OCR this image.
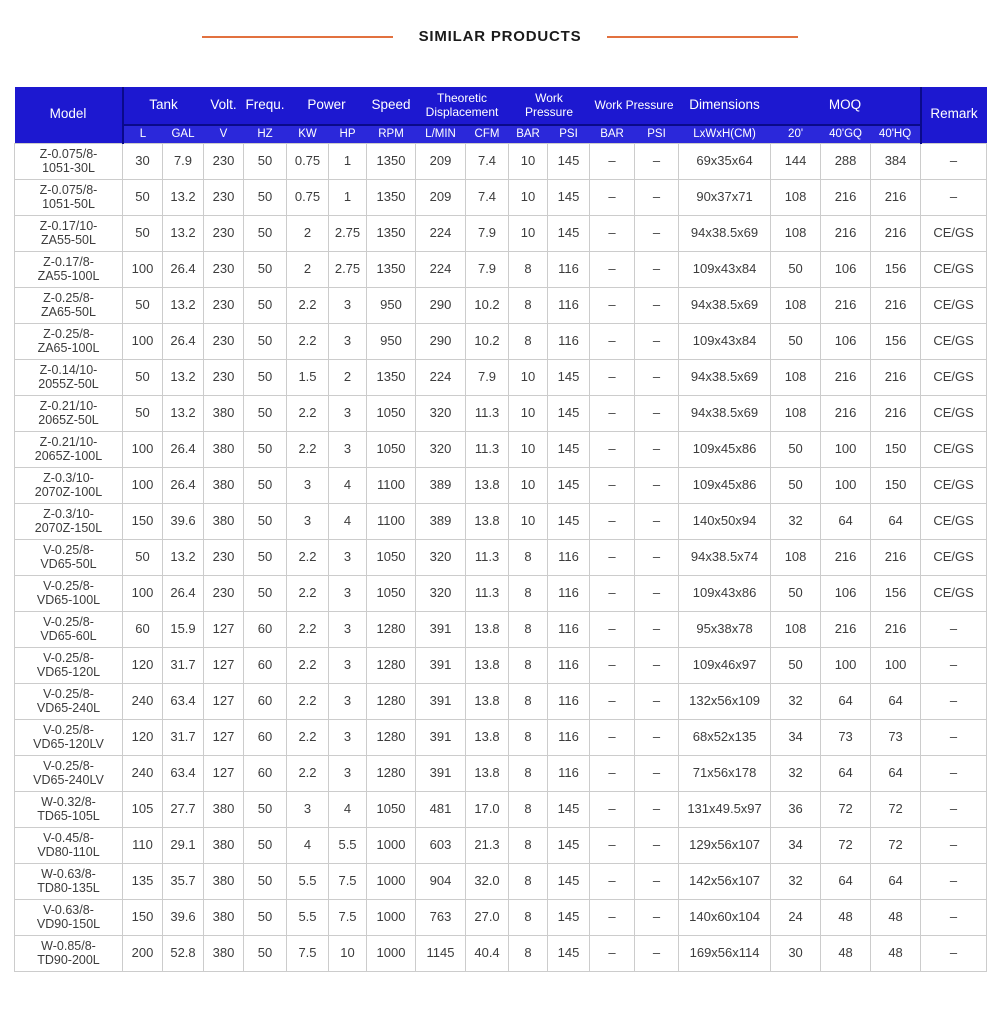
SIMILAR PRODUCTS
Model	Tank		Volt.	Frequ.	Power		Speed	Theoretic Displacement		Work Pressure		Work Pressure		Dimensions	MOQ			Remark
	L	GAL	V	HZ	KW	HP	RPM	L/MIN	CFM	BAR	PSI	BAR	PSI	LxWxH(CM)	20'	40'GQ	40'HQ	
Z-0.075/8-
1051-30L	30	7.9	230	50	0.75	1	1350	209	7.4	10	145	–	–	69x35x64	144	288	384	–
Z-0.075/8-
1051-50L	50	13.2	230	50	0.75	1	1350	209	7.4	10	145	–	–	90x37x71	108	216	216	–
Z-0.17/10-
ZA55-50L	50	13.2	230	50	2	2.75	1350	224	7.9	10	145	–	–	94x38.5x69	108	216	216	CE/GS
Z-0.17/8-
ZA55-100L	100	26.4	230	50	2	2.75	1350	224	7.9	8	116	–	–	109x43x84	50	106	156	CE/GS
Z-0.25/8-
ZA65-50L	50	13.2	230	50	2.2	3	950	290	10.2	8	116	–	–	94x38.5x69	108	216	216	CE/GS
Z-0.25/8-
ZA65-100L	100	26.4	230	50	2.2	3	950	290	10.2	8	116	–	–	109x43x84	50	106	156	CE/GS
Z-0.14/10-
2055Z-50L	50	13.2	230	50	1.5	2	1350	224	7.9	10	145	–	–	94x38.5x69	108	216	216	CE/GS
Z-0.21/10-
2065Z-50L	50	13.2	380	50	2.2	3	1050	320	11.3	10	145	–	–	94x38.5x69	108	216	216	CE/GS
Z-0.21/10-
2065Z-100L	100	26.4	380	50	2.2	3	1050	320	11.3	10	145	–	–	109x45x86	50	100	150	CE/GS
Z-0.3/10-
2070Z-100L	100	26.4	380	50	3	4	1100	389	13.8	10	145	–	–	109x45x86	50	100	150	CE/GS
Z-0.3/10-
2070Z-150L	150	39.6	380	50	3	4	1100	389	13.8	10	145	–	–	140x50x94	32	64	64	CE/GS
V-0.25/8-
VD65-50L	50	13.2	230	50	2.2	3	1050	320	11.3	8	116	–	–	94x38.5x74	108	216	216	CE/GS
V-0.25/8-
VD65-100L	100	26.4	230	50	2.2	3	1050	320	11.3	8	116	–	–	109x43x86	50	106	156	CE/GS
V-0.25/8-
VD65-60L	60	15.9	127	60	2.2	3	1280	391	13.8	8	116	–	–	95x38x78	108	216	216	–
V-0.25/8-
VD65-120L	120	31.7	127	60	2.2	3	1280	391	13.8	8	116	–	–	109x46x97	50	100	100	–
V-0.25/8-
VD65-240L	240	63.4	127	60	2.2	3	1280	391	13.8	8	116	–	–	132x56x109	32	64	64	–
V-0.25/8-
VD65-120LV	120	31.7	127	60	2.2	3	1280	391	13.8	8	116	–	–	68x52x135	34	73	73	–
V-0.25/8-
VD65-240LV	240	63.4	127	60	2.2	3	1280	391	13.8	8	116	–	–	71x56x178	32	64	64	–
W-0.32/8-
TD65-105L	105	27.7	380	50	3	4	1050	481	17.0	8	145	–	–	131x49.5x97	36	72	72	–
V-0.45/8-
VD80-110L	110	29.1	380	50	4	5.5	1000	603	21.3	8	145	–	–	129x56x107	34	72	72	–
W-0.63/8-
TD80-135L	135	35.7	380	50	5.5	7.5	1000	904	32.0	8	145	–	–	142x56x107	32	64	64	–
V-0.63/8-
VD90-150L	150	39.6	380	50	5.5	7.5	1000	763	27.0	8	145	–	–	140x60x104	24	48	48	–
W-0.85/8-
TD90-200L	200	52.8	380	50	7.5	10	1000	1145	40.4	8	145	–	–	169x56x114	30	48	48	–
